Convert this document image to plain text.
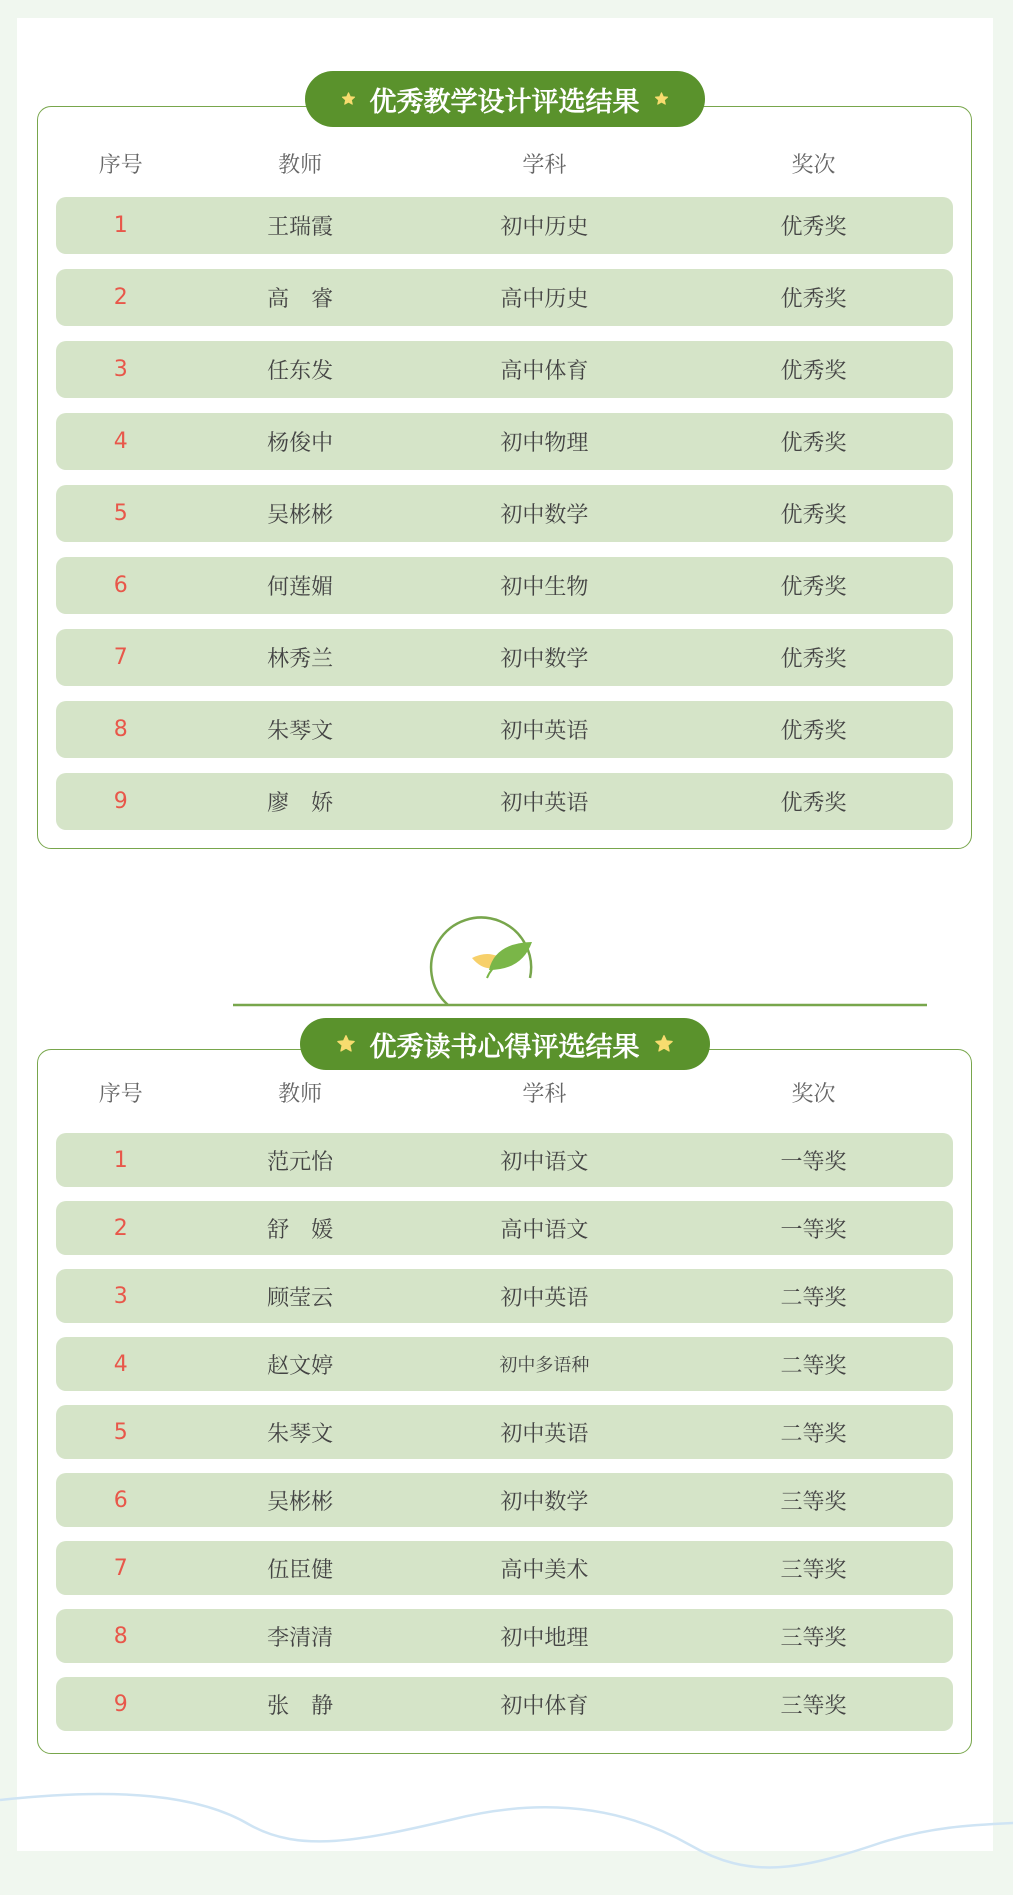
优秀教学设计评选结果
序号	教师	学科	奖次
1	王瑞霞	初中历史	优秀奖
2	高　睿	高中历史	优秀奖
3	任东发	高中体育	优秀奖
4	杨俊中	初中物理	优秀奖
5	吴彬彬	初中数学	优秀奖
6	何莲媚	初中生物	优秀奖
7	林秀兰	初中数学	优秀奖
8	朱琴文	初中英语	优秀奖
9	廖　娇	初中英语	优秀奖
优秀读书心得评选结果
序号	教师	学科	奖次
1	范元怡	初中语文	一等奖
2	舒　媛	高中语文	一等奖
3	顾莹云	初中英语	二等奖
4	赵文婷	初中多语种	二等奖
5	朱琴文	初中英语	二等奖
6	吴彬彬	初中数学	三等奖
7	伍臣健	高中美术	三等奖
8	李清清	初中地理	三等奖
9	张　静	初中体育	三等奖
